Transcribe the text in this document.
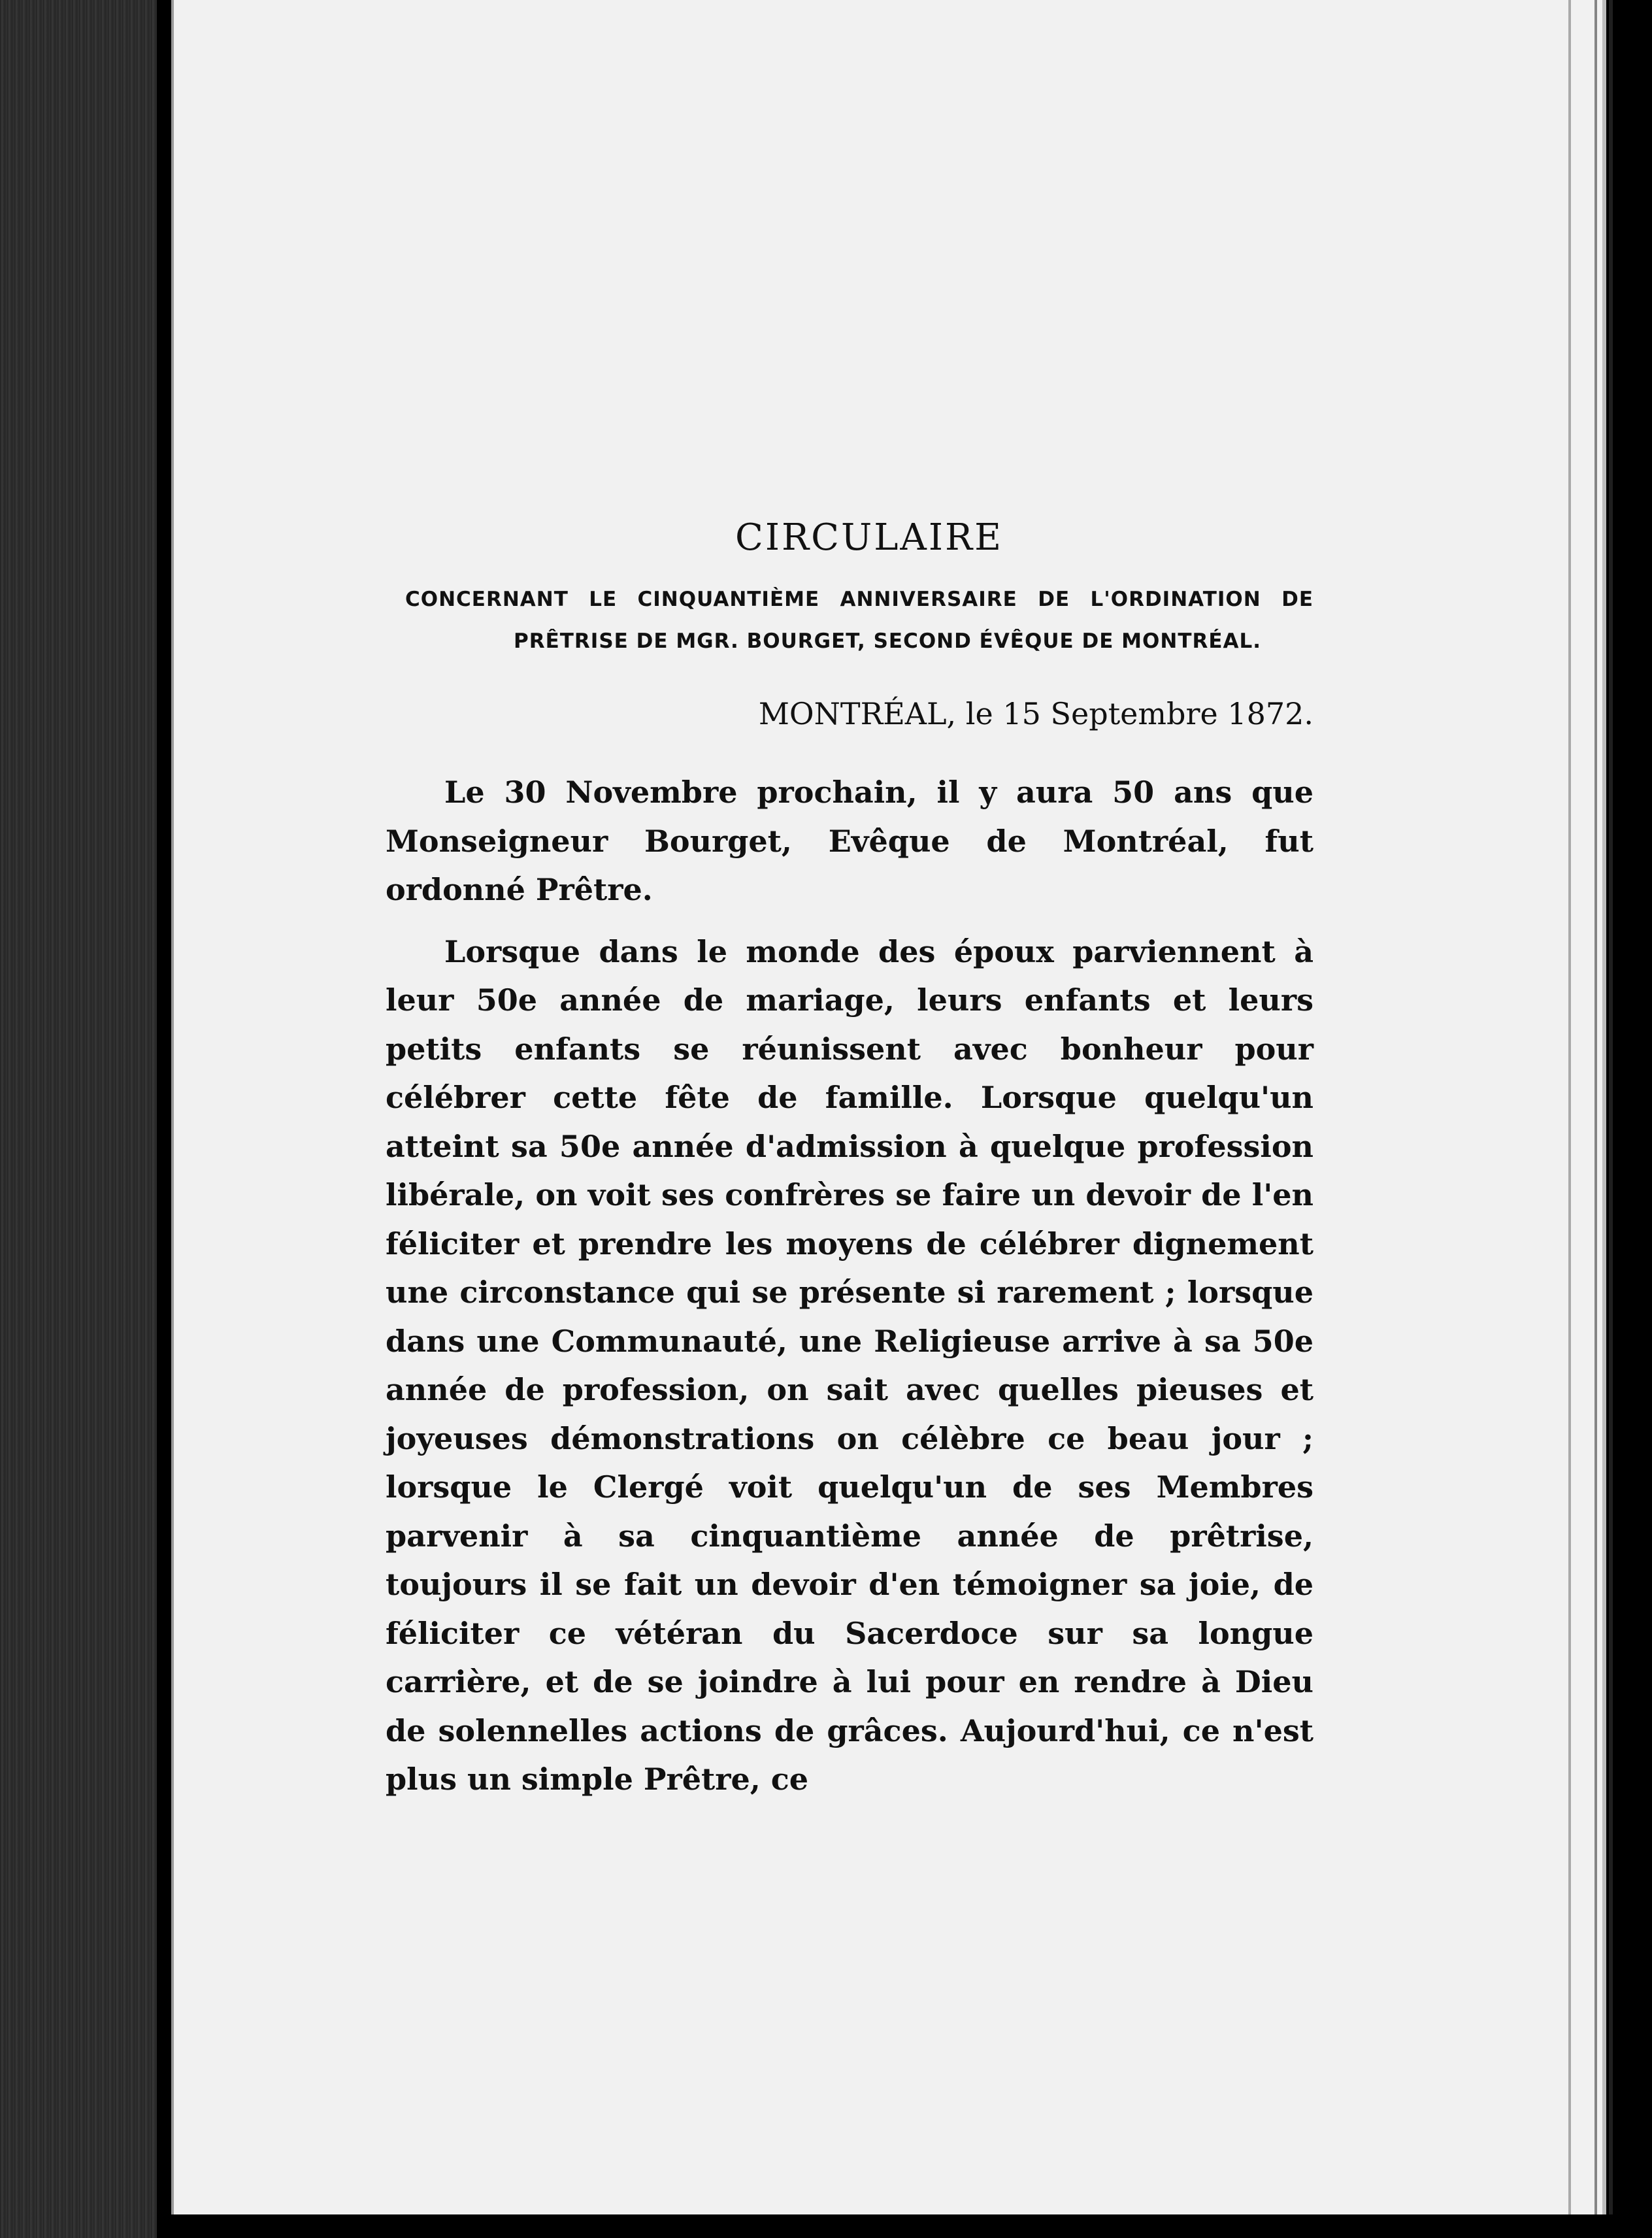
CIRCULAIRE
CONCERNANT LE CINQUANTIÈME ANNIVERSAIRE DE L'ORDINATION DE PRÊTRISE DE MGR. BOURGET, SECOND ÉVÊQUE DE MONTRÉAL.
MONTRÉAL, le 15 Septembre 1872.

Le 30 Novembre prochain, il y aura 50 ans que Monseigneur Bourget, Evêque de Montréal, fut ordonné Prêtre.

Lorsque dans le monde des époux parviennent à leur 50e année de mariage, leurs enfants et leurs petits enfants se réunissent avec bonheur pour célébrer cette fête de famille. Lorsque quelqu'un atteint sa 50e année d'admission à quelque profession libérale, on voit ses confrères se faire un devoir de l'en féliciter et prendre les moyens de célébrer dignement une circonstance qui se présente si rarement ; lorsque dans une Communauté, une Religieuse arrive à sa 50e année de profession, on sait avec quelles pieuses et joyeuses démonstrations on célèbre ce beau jour ; lorsque le Clergé voit quelqu'un de ses Membres parvenir à sa cinquantième année de prêtrise, toujours il se fait un devoir d'en témoigner sa joie, de féliciter ce vétéran du Sacerdoce sur sa longue carrière, et de se joindre à lui pour en rendre à Dieu de solennelles actions de grâces. Aujourd'hui, ce n'est plus un simple Prêtre, ce
